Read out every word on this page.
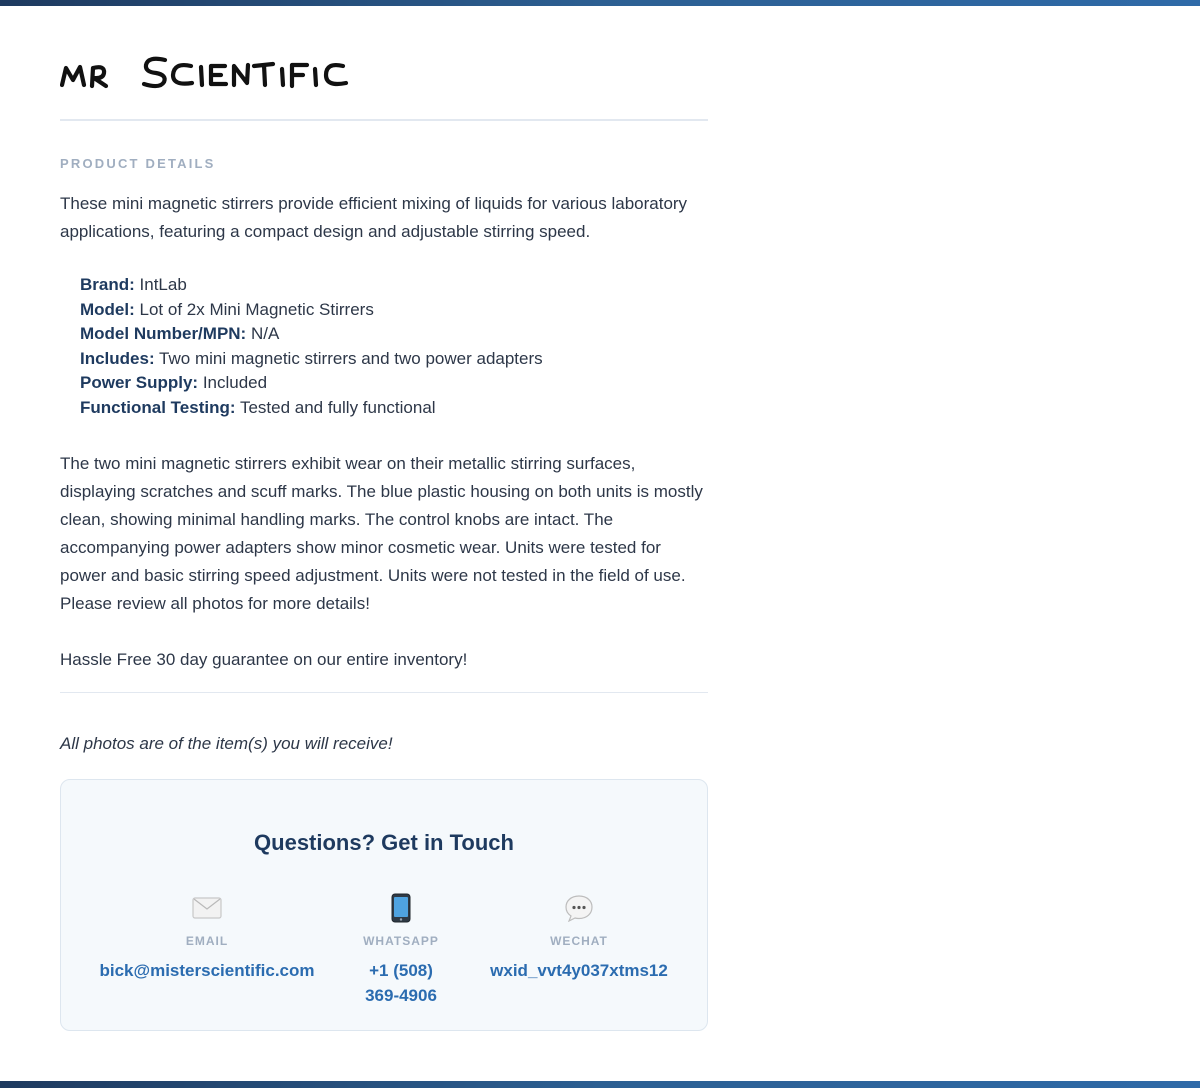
PRODUCT DETAILS

These mini magnetic stirrers provide efficient mixing of liquids for various laboratory applications, featuring a compact design and adjustable stirring speed.

Brand: IntLab
Model: Lot of 2x Mini Magnetic Stirrers
Model Number/MPN: N/A
Includes: Two mini magnetic stirrers and two power adapters
Power Supply: Included
Functional Testing: Tested and fully functional

The two mini magnetic stirrers exhibit wear on their metallic stirring surfaces, displaying scratches and scuff marks. The blue plastic housing on both units is mostly clean, showing minimal handling marks. The control knobs are intact. The accompanying power adapters show minor cosmetic wear. Units were tested for power and basic stirring speed adjustment. Units were not tested in the field of use. Please review all photos for more details!

Hassle Free 30 day guarantee on our entire inventory!

All photos are of the item(s) you will receive!
Questions? Get in Touch
EMAIL
bick@misterscientific.com
WHATSAPP
+1 (508) 369-4906
WECHAT
wxid_vvt4y037xtms12
